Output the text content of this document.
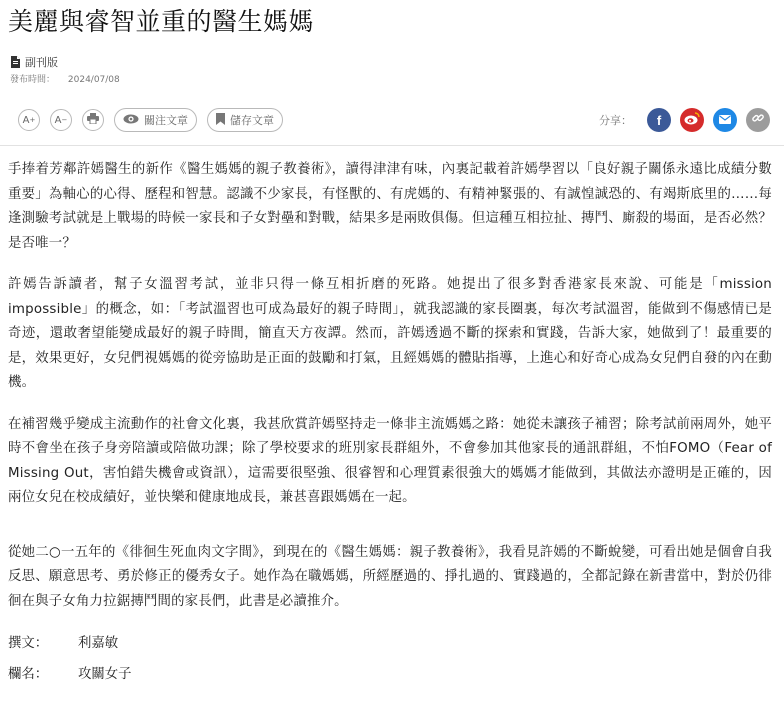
美麗與睿智並重的醫生媽媽
副刊版
發布時間： 2024/07/08
A + A −	關注文章	儲存文章	分享： f

手捧着芳鄰許嫣醫生的新作《醫生媽媽的親子教養術》，讀得津津有味，內裏記載着許嫣學習以「良好親子關係永遠比成績分數重要」為軸心的心得、歷程和智慧。認識不少家長，有怪獸的、有虎媽的、有精神緊張的、有誠惶誠恐的、有竭斯底里的……每逢測驗考試就是上戰場的時候一家長和子女對壘和對戰，結果多是兩敗俱傷。但這種互相拉扯、摶鬥、廝殺的場面，是否必然？是否唯一？

許嫣告訴讀者，幫子女溫習考試，並非只得一條互相折磨的死路。她提出了很多對香港家長來說、可能是「mission impossible」的概念，如：「考試溫習也可成為最好的親子時間」，就我認識的家長圈裏，每次考試溫習，能做到不傷感情已是奇迹，還敢奢望能變成最好的親子時間，簡直天方夜譚。然而，許嫣透過不斷的探索和實踐，告訴大家，她做到了！最重要的是，效果更好，女兒們視媽媽的從旁協助是正面的鼓勵和打氣，且經媽媽的體貼指導，上進心和好奇心成為女兒們自發的內在動機。

在補習幾乎變成主流動作的社會文化裏，我甚欣賞許嫣堅持走一條非主流媽媽之路：她從未讓孩子補習；除考試前兩周外，她平時不會坐在孩子身旁陪讀或陪做功課；除了學校要求的班別家長群組外，不會參加其他家長的通訊群組，不怕FOMO（Fear of Missing Out，害怕錯失機會或資訊），這需要很堅強、很睿智和心理質素很強大的媽媽才能做到，其做法亦證明是正確的，因兩位女兒在校成績好，並快樂和健康地成長，兼甚喜跟媽媽在一起。

從她二○一五年的《徘徊生死血肉文字間》，到現在的《醫生媽媽：親子教養術》，我看見許嫣的不斷蛻變，可看出她是個會自我反思、願意思考、勇於修正的優秀女子。她作為在職媽媽，所經歷過的、掙扎過的、實踐過的，全都記錄在新書當中，對於仍徘徊在與子女角力拉鋸摶鬥間的家長們，此書是必讀推介。

撰文：	利嘉敏
欄名：	攻關女子
